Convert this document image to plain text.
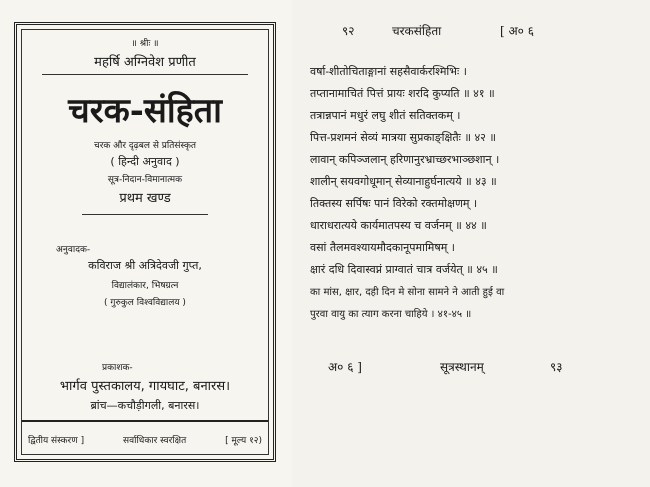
॥ श्रीः ॥
महर्षि अग्निवेश प्रणीत
चरक-संहिता
चरक और दृढ़बल से प्रतिसंस्कृत
( हिन्दी अनुवाद )
सूत्र-निदान-विमानात्मक
प्रथम खण्ड
अनुवादक-
कविराज श्री अत्रिदेवजी गुप्त,
विद्यालंकार, भिषग्रत्न
( गुरुकुल विश्वविद्यालय )
प्रकाशक-
भार्गव पुस्तकालय, गायघाट, बनारस।
ब्रांच—कचौड़ीगली, बनारस।
द्वितीय संस्करण ]	सर्वाधिकार स्वरक्षित	[ मूल्य १२)
९२	चरकसंहिता	[ अ० ६
वर्षा-शीतोचिताङ्गानां सहसैवार्करश्मिभिः ।
तप्तानामाचितं पित्तं प्रायः शरदि कुप्यति ॥ ४१ ॥
तत्रान्नपानं मधुरं लघु शीतं सतिक्तकम् ।
पित्त-प्रशमनं सेव्यं मात्रया सुप्रकाङ्क्षितैः ॥ ४२ ॥
लावान् कपिञ्जलान् हरिणानुरभ्राच्छरभाञ्छशान् ।
शालीन् सयवगोधूमान् सेव्यानाहुर्घनात्यये ॥ ४३ ॥
तिक्तस्य सर्पिषः पानं विरेको रक्तमोक्षणम् ।
धाराधरात्यये कार्यमातपस्य च वर्जनम् ॥ ४४ ॥
वसां तैलमवश्यायमौदकानूपमामिषम् ।
क्षारं दधि दिवास्वप्नं प्राग्वातं चात्र वर्जयेत् ॥ ४५ ॥
का मांस, क्षार, दही दिन मे सोना सामने ने आती हुई वा
पुरवा वायु का त्याग करना चाहिये । ४१-४५ ॥
अ० ६ ]	सूत्रस्थानम्	९३
